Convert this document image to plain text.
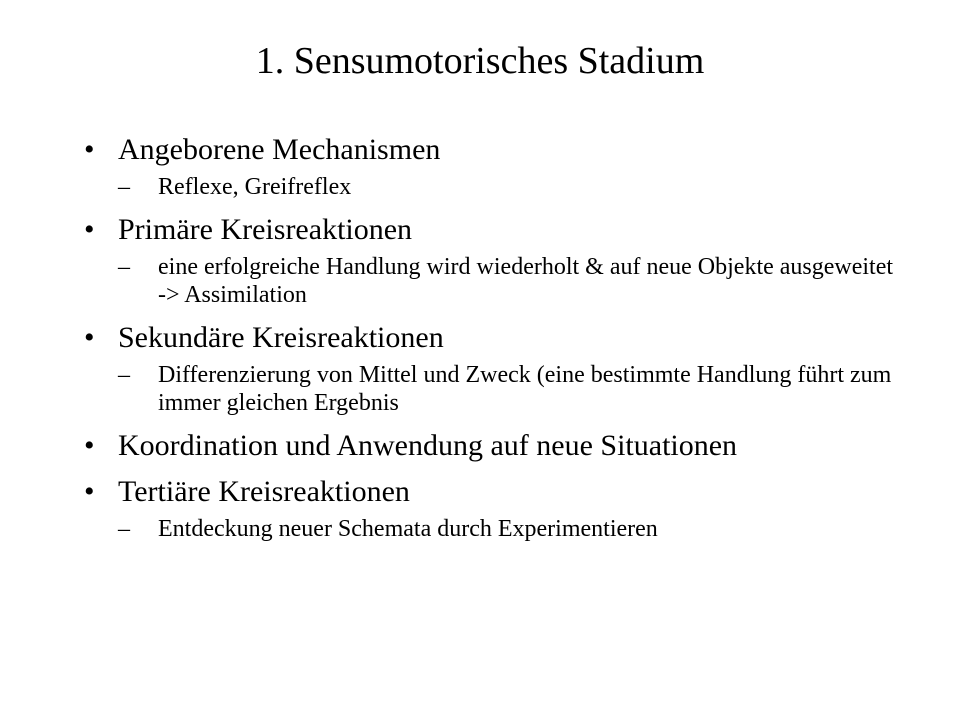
1. Sensumotorisches Stadium
• Angeborene Mechanismen
– Reflexe, Greifreflex
• Primäre Kreisreaktionen
– eine erfolgreiche Handlung wird wiederholt & auf neue Objekte ausgeweitet -> Assimilation
• Sekundäre Kreisreaktionen
– Differenzierung von Mittel und Zweck (eine bestimmte Handlung führt zum immer gleichen Ergebnis
• Koordination und Anwendung auf neue Situationen
• Tertiäre Kreisreaktionen
– Entdeckung neuer Schemata durch Experimentieren
